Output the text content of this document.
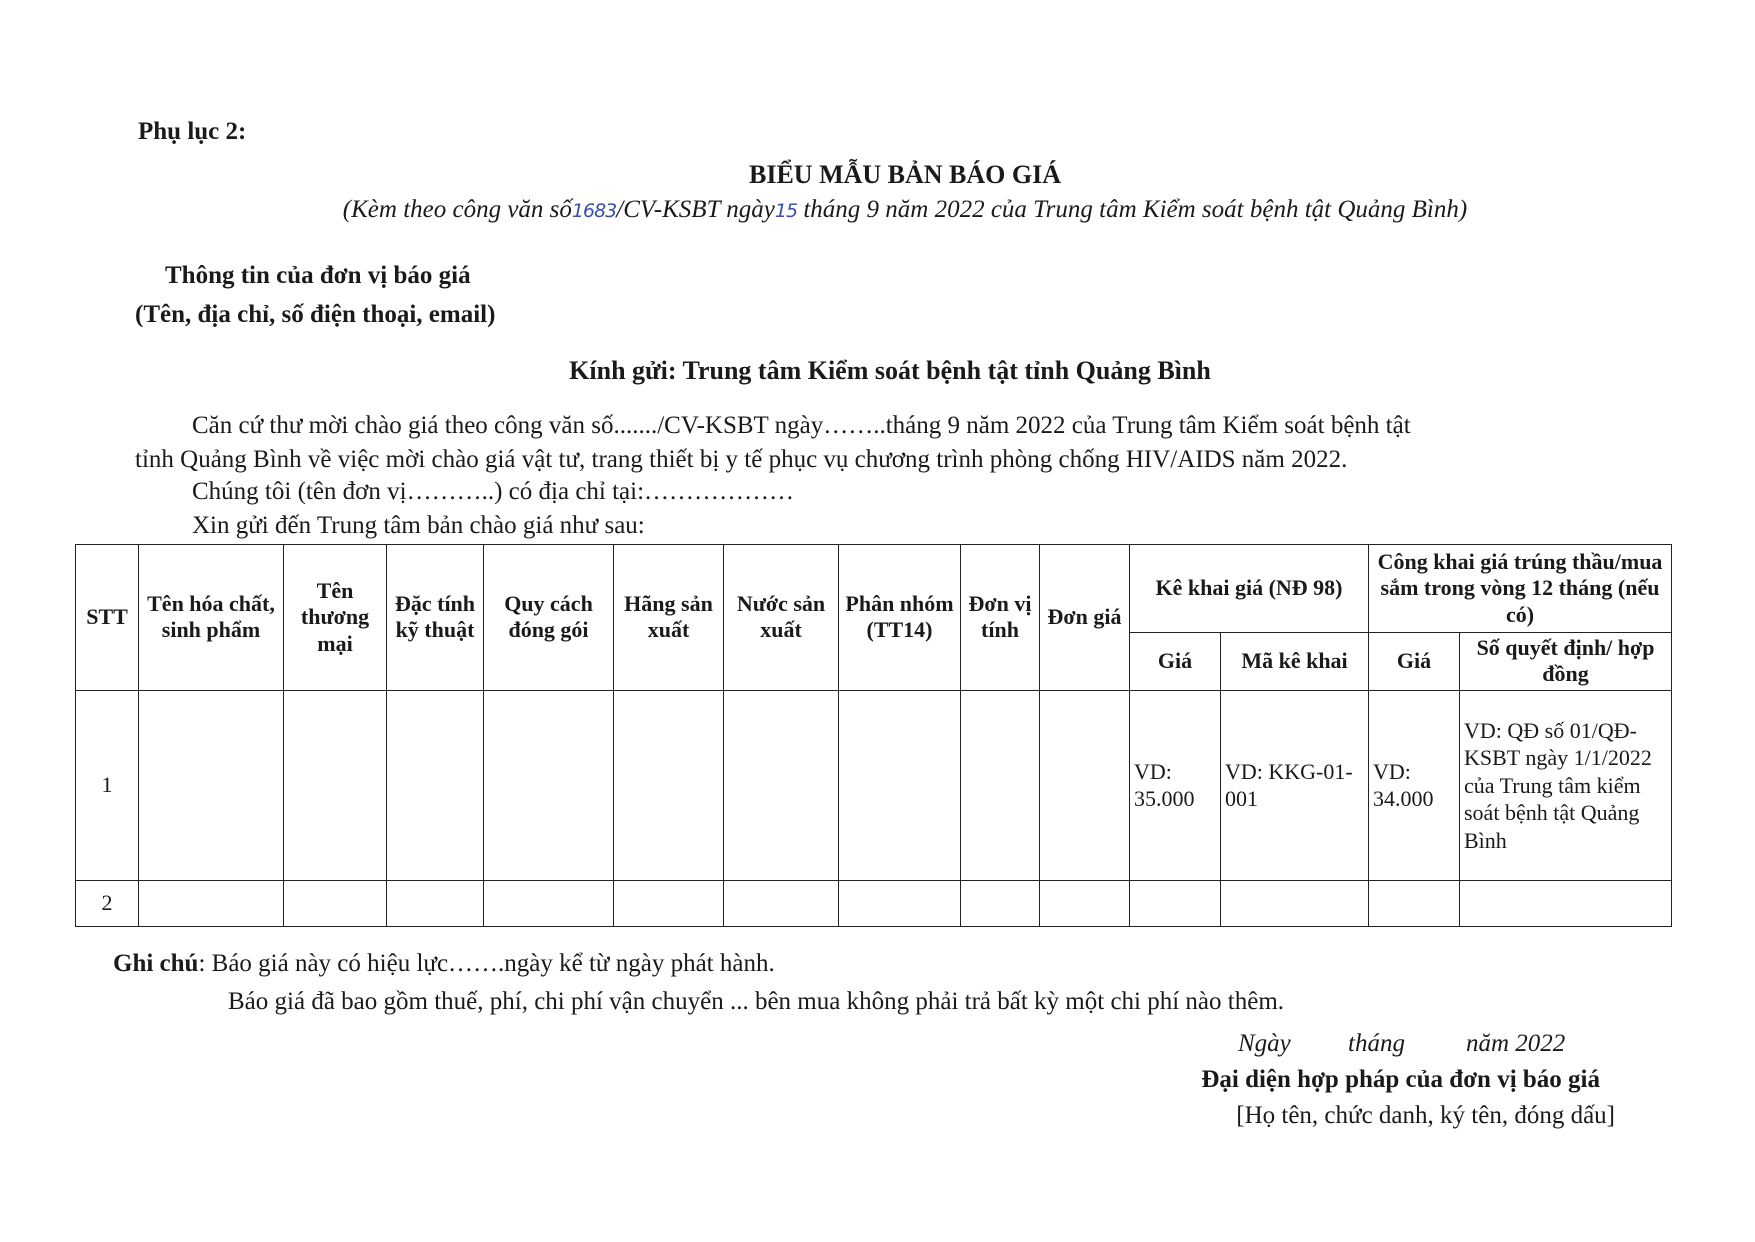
Phụ lục 2:
BIỂU MẪU BẢN BÁO GIÁ
(Kèm theo công văn số1683/CV-KSBT ngày15 tháng 9 năm 2022 của Trung tâm Kiểm soát bệnh tật Quảng Bình)
Thông tin của đơn vị báo giá
(Tên, địa chỉ, số điện thoại, email)
Kính gửi: Trung tâm Kiểm soát bệnh tật tỉnh Quảng Bình
Căn cứ thư mời chào giá theo công văn số......./CV-KSBT ngày……..tháng 9 năm 2022 của Trung tâm Kiểm soát bệnh tật
tỉnh Quảng Bình về việc mời chào giá vật tư, trang thiết bị y tế phục vụ chương trình phòng chống HIV/AIDS năm 2022.
Chúng tôi (tên đơn vị………..) có địa chỉ tại:………………
Xin gửi đến Trung tâm bản chào giá như sau:
STT	Tên hóa chất, sinh phẩm	Tên thương mại	Đặc tính kỹ thuật	Quy cách đóng gói	Hãng sản xuất	Nước sản xuất	Phân nhóm (TT14)	Đơn vị tính	Đơn giá	Kê khai giá (NĐ 98)		Công khai giá trúng thầu/mua sắm trong vòng 12 tháng (nếu có)	
										Giá	Mã kê khai	Giá	Số quyết định/ hợp đồng
1										VD: 35.000	VD: KKG-01-001	VD: 34.000	VD: QĐ số 01/QĐ-KSBT ngày 1/1/2022 của Trung tâm kiểm soát bệnh tật Quảng Bình
2													
Ghi chú: Báo giá này có hiệu lực…….ngày kể từ ngày phát hành.
Báo giá đã bao gồm thuế, phí, chi phí vận chuyển ... bên mua không phải trả bất kỳ một chi phí nào thêm.
Ngày tháng năm 2022
Đại diện hợp pháp của đơn vị báo giá
[Họ tên, chức danh, ký tên, đóng dấu]
